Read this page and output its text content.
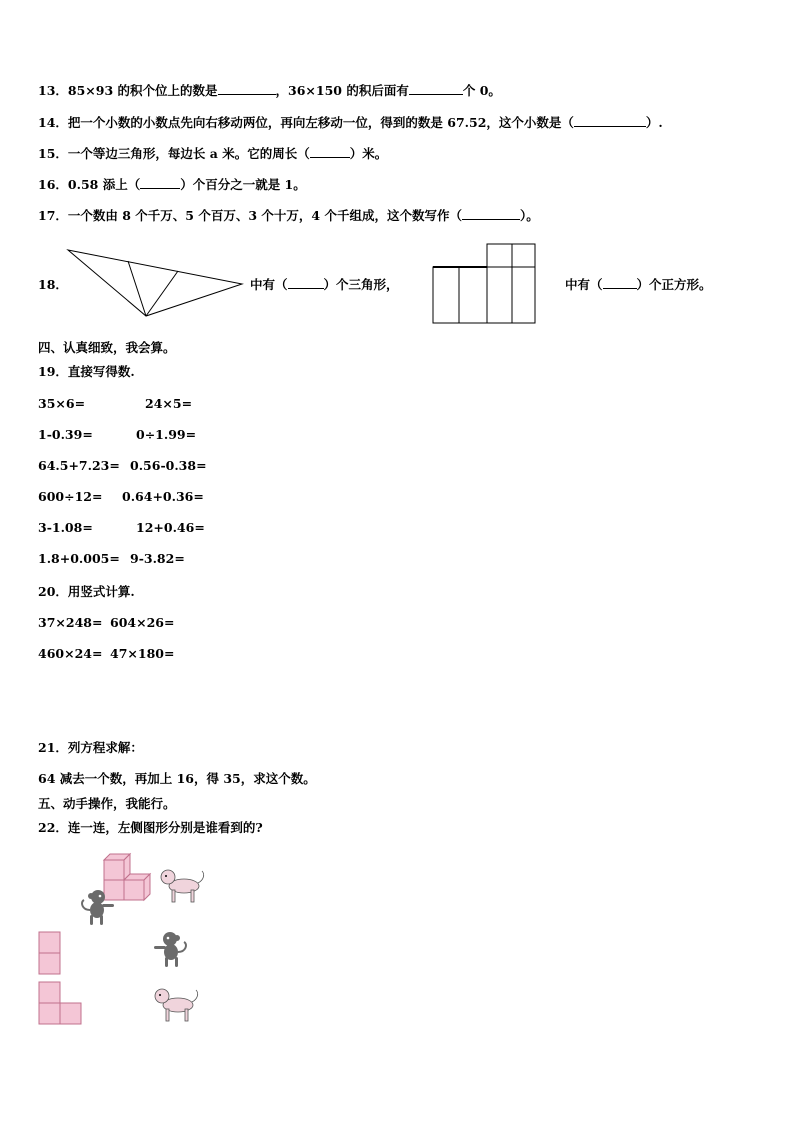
13．85×93 的积个位上的数是	，36×150 的积后面有	个 0。
14．把一个小数的小数点先向右移动两位，再向左移动一位，得到的数是 67.52，这个小数是（	）.
15．一个等边三角形，每边长 a 米。它的周长（	）米。
16．0.58 添上（	）个百分之一就是 1。
17．一个数由 8 个千万、5 个百万、3 个十万，4 个千组成，这个数写作（	）。
18．	中有（	）个三角形，	中有（	）个正方形。
四、认真细致，我会算。
19．直接写得数.
35×6=	24×5=
1-0.39=	0÷1.99=
64.5+7.23= 0.56-0.38=
600÷12= 0.64+0.36=
3-1.08=	12+0.46=
1.8+0.005= 9-3.82=
20．用竖式计算.
37×248= 604×26=
460×24= 47×180=
21．列方程求解：
64 减去一个数，再加上 16，得 35，求这个数。
五、动手操作，我能行。
22．连一连，左侧图形分别是谁看到的?
